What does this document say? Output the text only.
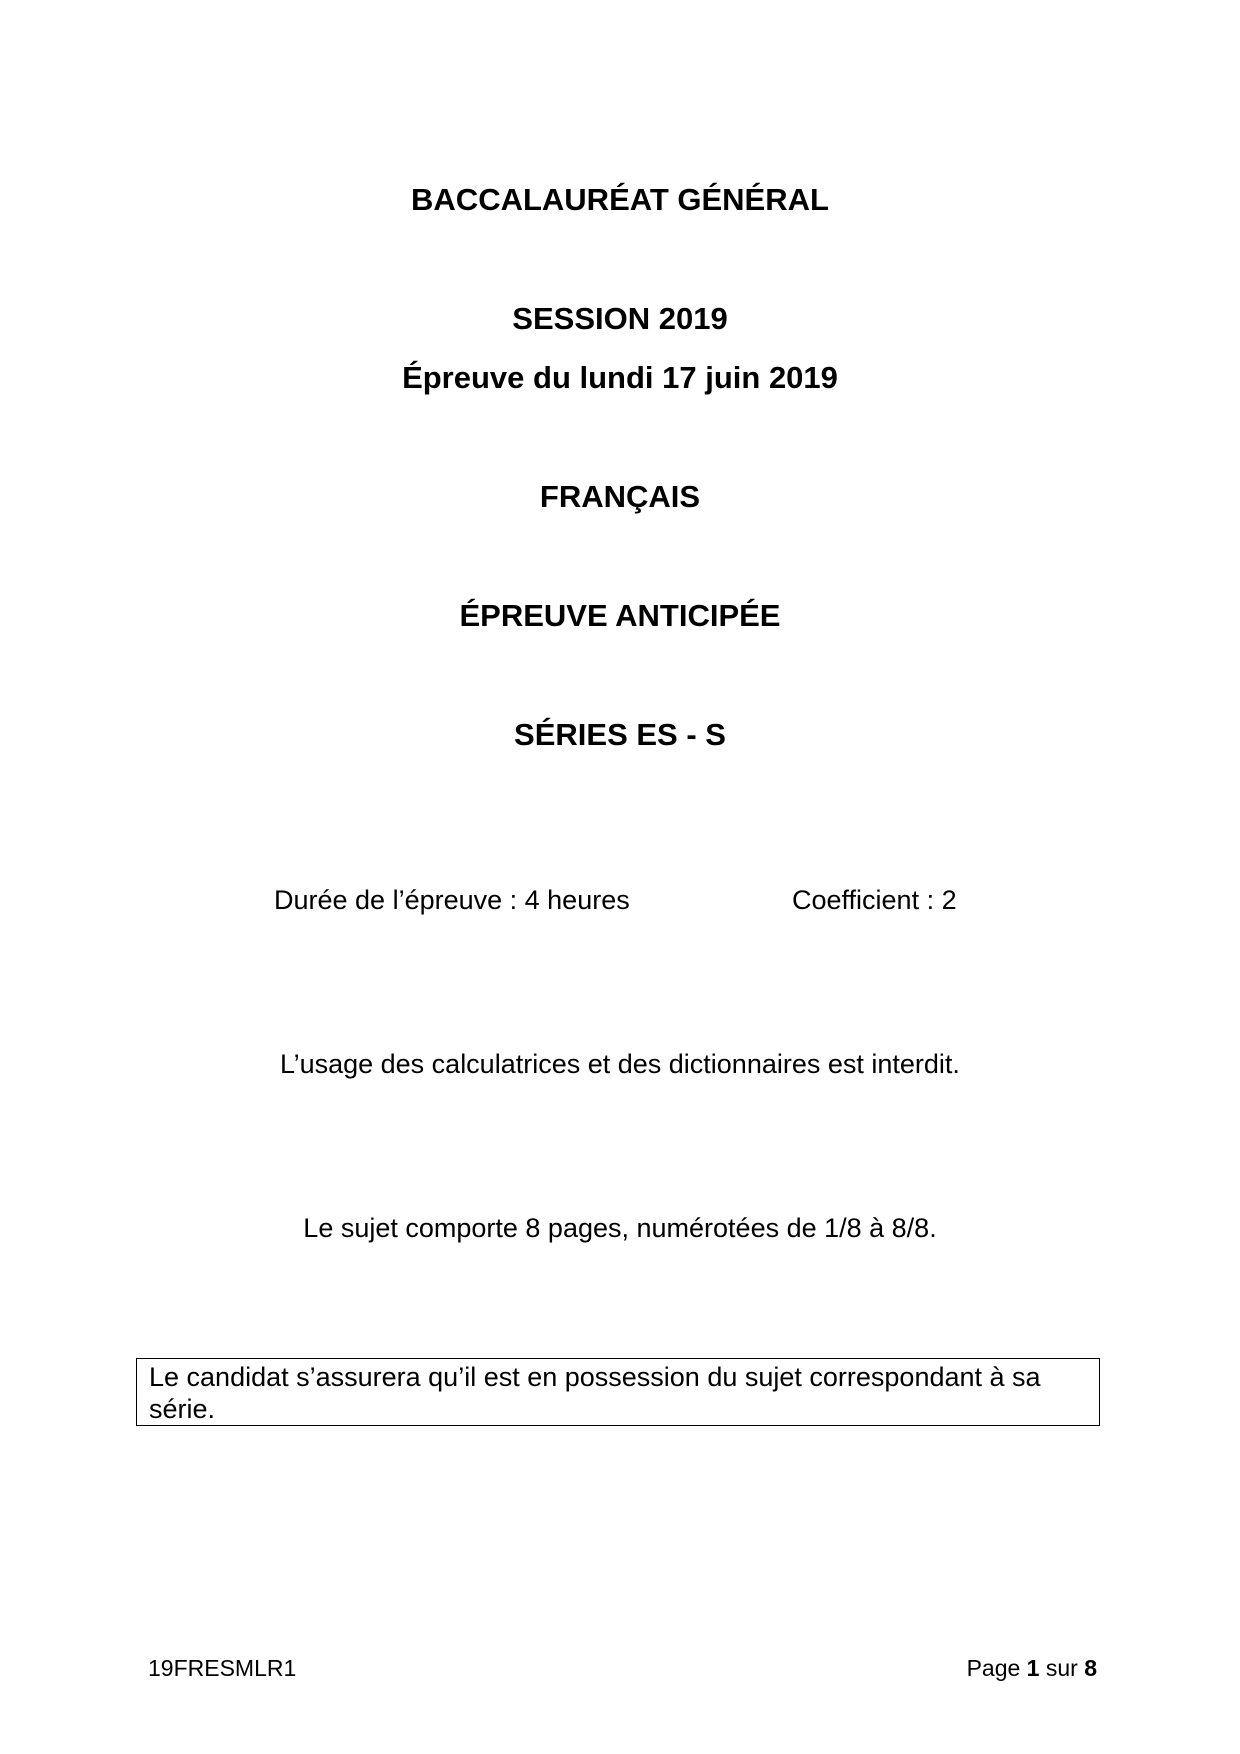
BACCALAURÉAT GÉNÉRAL
SESSION 2019
Épreuve du lundi 17 juin 2019
FRANÇAIS
ÉPREUVE ANTICIPÉE
SÉRIES ES - S
Durée de l’épreuve : 4 heures	Coefficient : 2
L’usage des calculatrices et des dictionnaires est interdit.
Le sujet comporte 8 pages, numérotées de 1/8 à 8/8.
Le candidat s’assurera qu’il est en possession du sujet correspondant à sa série.
19FRESMLR1	Page 1 sur 8
